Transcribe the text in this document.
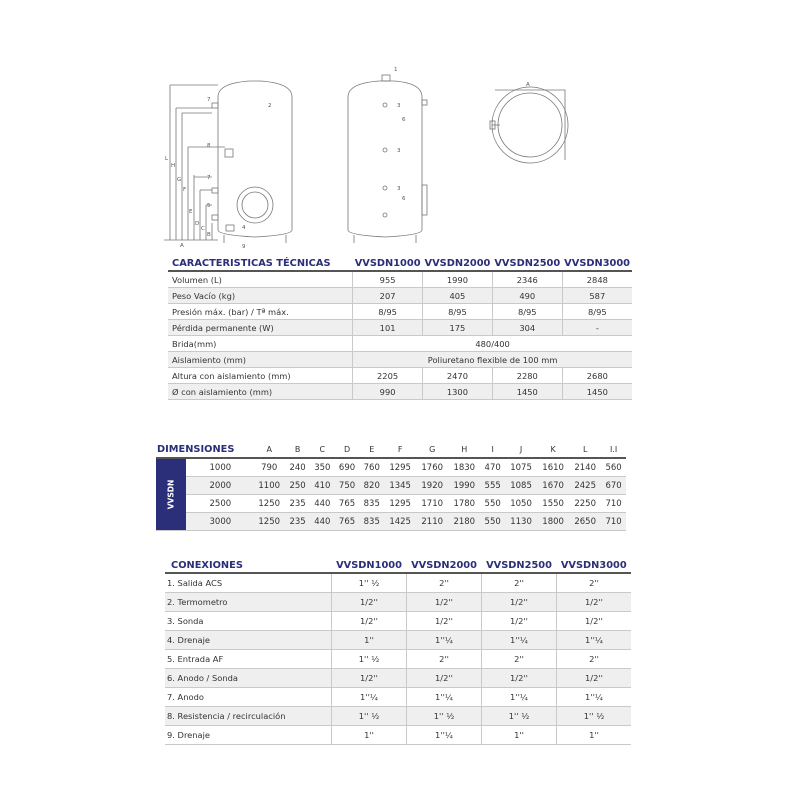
L
H
G
F
E
D
C
B
A
7
8
7
5
4
9
2
1
3
3
3
6
6
A
CARACTERISTICAS TÉCNICAS	VVSDN1000	VVSDN2000	VVSDN2500	VVSDN3000
Volumen (L)	955	1990	2346	2848
Peso Vacío (kg)	207	405	490	587
Presión máx. (bar) / Tª máx.	8/95	8/95	8/95	8/95
Pérdida permanente (W)	101	175	304	-
Brida(mm)	480/400			
Aislamiento (mm)	Poliuretano flexible de 100 mm			
Altura con aislamiento (mm)	2205	2470	2280	2680
Ø con aislamiento (mm)	990	1300	1450	1450
DIMENSIONES		A	B	C	D	E	F	G	H	I	J	K	L	I.I

VVSDN	1000	790	240	350	690	760	1295	1760	1830	470	1075	1610	2140	560
	2000	1100	250	410	750	820	1345	1920	1990	555	1085	1670	2425	670
	2500	1250	235	440	765	835	1295	1710	1780	550	1050	1550	2250	710
	3000	1250	235	440	765	835	1425	2110	2180	550	1130	1800	2650	710
CONEXIONES	VVSDN1000	VVSDN2000	VVSDN2500	VVSDN3000
1. Salida ACS	1'' ½	2''	2''	2''
2. Termometro	1/2''	1/2''	1/2''	1/2''
3. Sonda	1/2''	1/2''	1/2''	1/2''
4. Drenaje	1''	1''¼	1''¼	1''¼
5. Entrada AF	1'' ½	2''	2''	2''
6. Anodo / Sonda	1/2''	1/2''	1/2''	1/2''
7. Anodo	1''¼	1''¼	1''¼	1''¼
8. Resistencia / recirculación	1'' ½	1'' ½	1'' ½	1'' ½
9. Drenaje	1''	1''¼	1''	1''
